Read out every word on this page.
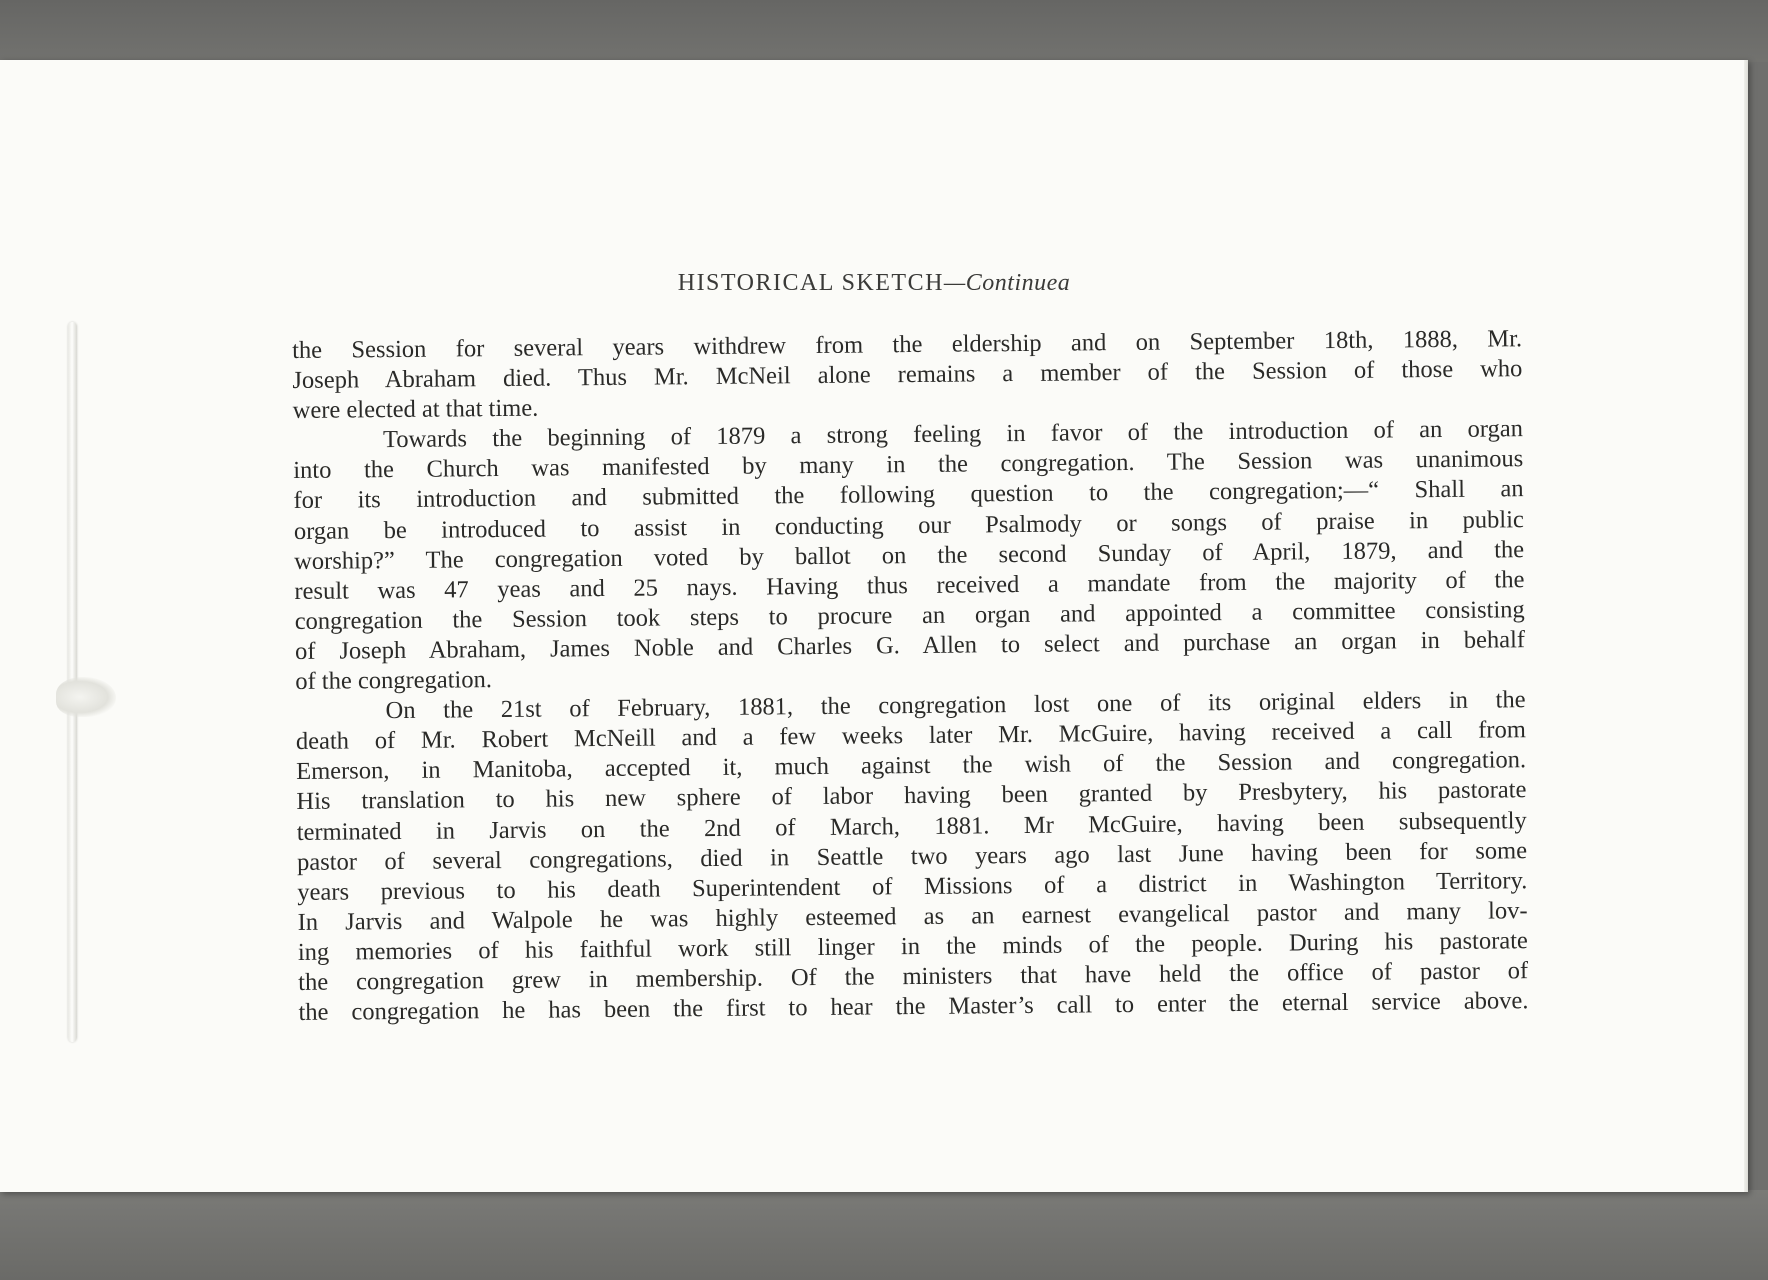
HISTORICAL SKETCH—Continuea
the Session for several years withdrew from the eldership and on September 18th, 1888, Mr.
Joseph Abraham died. Thus Mr. McNeil alone remains a member of the Session of those who
were elected at that time.
Towards the beginning of 1879 a strong feeling in favor of the introduction of an organ
into the Church was manifested by many in the congregation. The Session was unanimous
for its introduction and submitted the following question to the congregation;—“ Shall an
organ be introduced to assist in conducting our Psalmody or songs of praise in public
worship?” The congregation voted by ballot on the second Sunday of April, 1879, and the
result was 47 yeas and 25 nays. Having thus received a mandate from the majority of the
congregation the Session took steps to procure an organ and appointed a committee consisting
of Joseph Abraham, James Noble and Charles G. Allen to select and purchase an organ in behalf
of the congregation.
On the 21st of February, 1881, the congregation lost one of its original elders in the
death of Mr. Robert McNeill and a few weeks later Mr. McGuire, having received a call from
Emerson, in Manitoba, accepted it, much against the wish of the Session and congregation.
His translation to his new sphere of labor having been granted by Presbytery, his pastorate
terminated in Jarvis on the 2nd of March, 1881. Mr McGuire, having been subsequently
pastor of several congregations, died in Seattle two years ago last June having been for some
years previous to his death Superintendent of Missions of a district in Washington Territory.
In Jarvis and Walpole he was highly esteemed as an earnest evangelical pastor and many lov-
ing memories of his faithful work still linger in the minds of the people. During his pastorate
the congregation grew in membership. Of the ministers that have held the office of pastor of
the congregation he has been the first to hear the Master’s call to enter the eternal service above.
